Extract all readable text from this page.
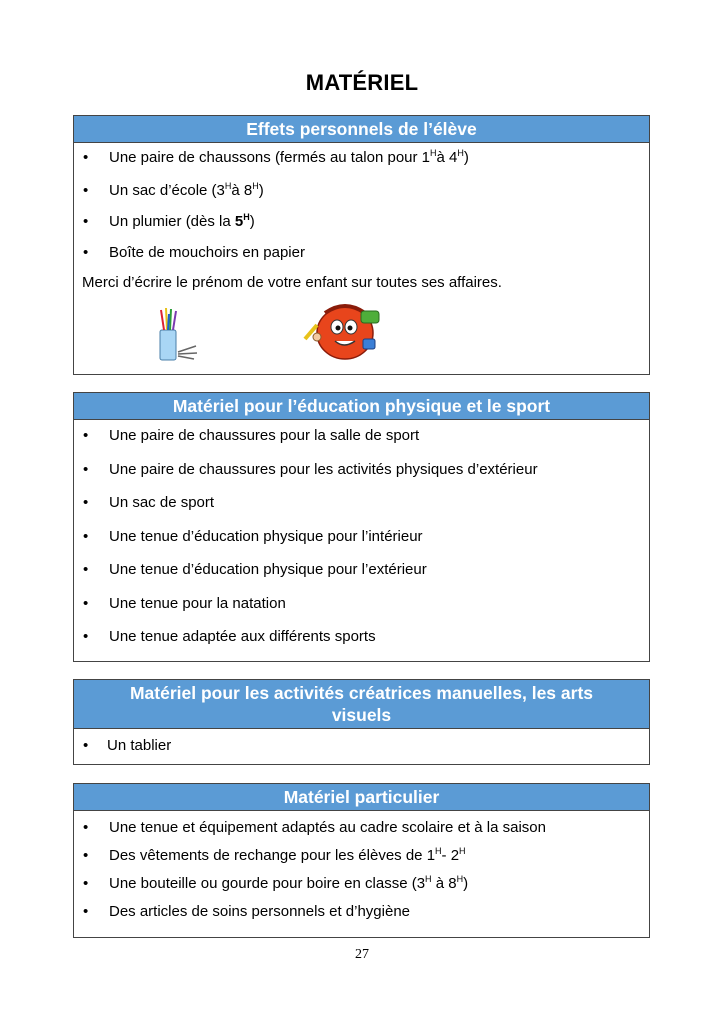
MATÉRIEL
Effets personnels de l’élève
• Une paire de chaussons (fermés au talon pour $1^Hà$ $4^H$)
• Un sac d’école ($3^Hà$ $8^H$)
• Un plumier (dès la $5^H$)
• Boîte de mouchoirs en papier
Merci d’écrire le prénom de votre enfant sur toutes ses affaires.
Matériel pour l’éducation physique et le sport
• Une paire de chaussures pour la salle de sport
• Une paire de chaussures pour les activités physiques d’extérieur
• Un sac de sport
• Une tenue d’éducation physique pour l’intérieur
• Une tenue d’éducation physique pour l’extérieur
• Une tenue pour la natation
• Une tenue adaptée aux différents sports
Matériel pour les activités créatrices manuelles, les arts visuels
• Un tablier
Matériel particulier
• Une tenue et équipement adaptés au cadre scolaire et à la saison
• Des vêtements de rechange pour les élèves de $1^H-$ $2^H$
• Une bouteille ou gourde pour boire en classe ($3^H$ à $8^H$)
• Des articles de soins personnels et d’hygiène
27
